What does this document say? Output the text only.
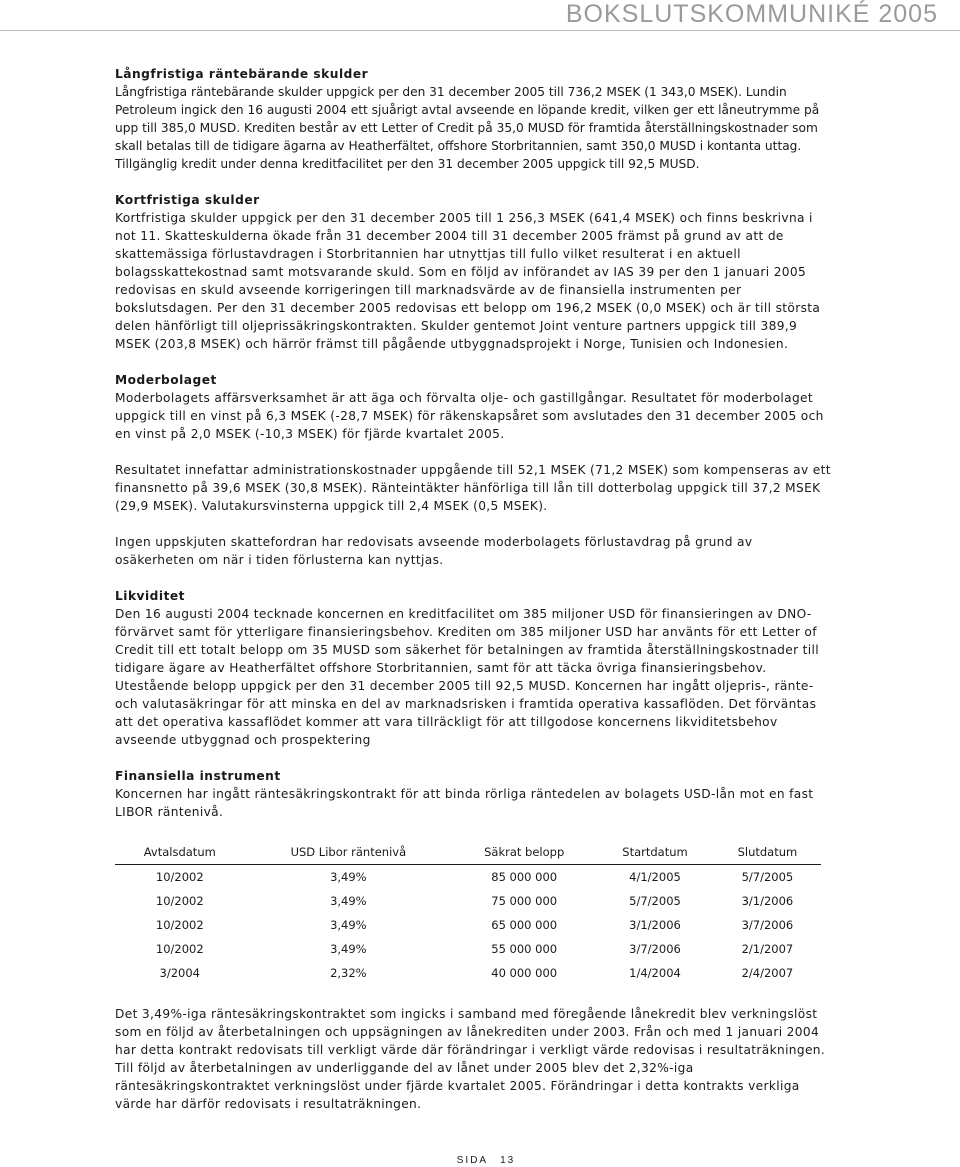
BOKSLUTSKOMMUNIKÉ 2005
Långfristiga räntebärande skulder

Långfristiga räntebärande skulder uppgick per den 31 december 2005 till 736,2 MSEK (1 343,0 MSEK). Lundin Petroleum ingick den 16 augusti 2004 ett sjuårigt avtal avseende en löpande kredit, vilken ger ett låneutrymme på upp till 385,0 MUSD. Krediten består av ett Letter of Credit på 35,0 MUSD för framtida återställningskostnader som skall betalas till de tidigare ägarna av Heatherfältet, offshore Storbritannien, samt 350,0 MUSD i kontanta uttag. Tillgänglig kredit under denna kreditfacilitet per den 31 december 2005 uppgick till 92,5 MUSD.

Kortfristiga skulder

Kortfristiga skulder uppgick per den 31 december 2005 till 1 256,3 MSEK (641,4 MSEK) och finns beskrivna i not 11. Skatteskulderna ökade från 31 december 2004 till 31 december 2005 främst på grund av att de skattemässiga förlustavdragen i Storbritannien har utnyttjas till fullo vilket resulterat i en aktuell bolagsskattekostnad samt motsvarande skuld. Som en följd av införandet av IAS 39 per den 1 januari 2005 redovisas en skuld avseende korrigeringen till marknadsvärde av de finansiella instrumenten per bokslutsdagen. Per den 31 december 2005 redovisas ett belopp om 196,2 MSEK (0,0 MSEK) och är till största delen hänförligt till oljeprissäkringskontrakten. Skulder gentemot Joint venture partners uppgick till 389,9 MSEK (203,8 MSEK) och härrör främst till pågående utbyggnadsprojekt i Norge, Tunisien och Indonesien.

Moderbolaget

Moderbolagets affärsverksamhet är att äga och förvalta olje- och gastillgångar. Resultatet för moderbolaget uppgick till en vinst på 6,3 MSEK (-28,7 MSEK) för räkenskapsåret som avslutades den 31 december 2005 och en vinst på 2,0 MSEK (-10,3 MSEK) för fjärde kvartalet 2005.

Resultatet innefattar administrationskostnader uppgående till 52,1 MSEK (71,2 MSEK) som kompenseras av ett finansnetto på 39,6 MSEK (30,8 MSEK). Ränteintäkter hänförliga till lån till dotterbolag uppgick till 37,2 MSEK (29,9 MSEK). Valutakursvinsterna uppgick till 2,4 MSEK (0,5 MSEK).

Ingen uppskjuten skattefordran har redovisats avseende moderbolagets förlustavdrag på grund av osäkerheten om när i tiden förlusterna kan nyttjas.

Likviditet

Den 16 augusti 2004 tecknade koncernen en kreditfacilitet om 385 miljoner USD för finansieringen av DNO-förvärvet samt för ytterligare finansieringsbehov. Krediten om 385 miljoner USD har använts för ett Letter of Credit till ett totalt belopp om 35 MUSD som säkerhet för betalningen av framtida återställningskostnader till tidigare ägare av Heatherfältet offshore Storbritannien, samt för att täcka övriga finansieringsbehov. Utestående belopp uppgick per den 31 december 2005 till 92,5 MUSD. Koncernen har ingått oljepris-, ränte- och valutasäkringar för att minska en del av marknadsrisken i framtida operativa kassaflöden. Det förväntas att det operativa kassaflödet kommer att vara tillräckligt för att tillgodose koncernens likviditetsbehov avseende utbyggnad och prospektering

Finansiella instrument

Koncernen har ingått räntesäkringskontrakt för att binda rörliga räntedelen av bolagets USD-lån mot en fast LIBOR räntenivå.

Avtalsdatum	USD Libor räntenivå	Säkrat belopp	Startdatum	Slutdatum
10/2002	3,49%	85 000 000	4/1/2005	5/7/2005
10/2002	3,49%	75 000 000	5/7/2005	3/1/2006
10/2002	3,49%	65 000 000	3/1/2006	3/7/2006
10/2002	3,49%	55 000 000	3/7/2006	2/1/2007
3/2004	2,32%	40 000 000	1/4/2004	2/4/2007

Det 3,49%-iga räntesäkringskontraktet som ingicks i samband med föregående lånekredit blev verkningslöst som en följd av återbetalningen och uppsägningen av lånekrediten under 2003. Från och med 1 januari 2004 har detta kontrakt redovisats till verkligt värde där förändringar i verkligt värde redovisas i resultaträkningen. Till följd av återbetalningen av underliggande del av lånet under 2005 blev det 2,32%-iga räntesäkringskontraktet verkningslöst under fjärde kvartalet 2005. Förändringar i detta kontrakts verkliga värde har därför redovisats i resultaträkningen.

SIDA 13
